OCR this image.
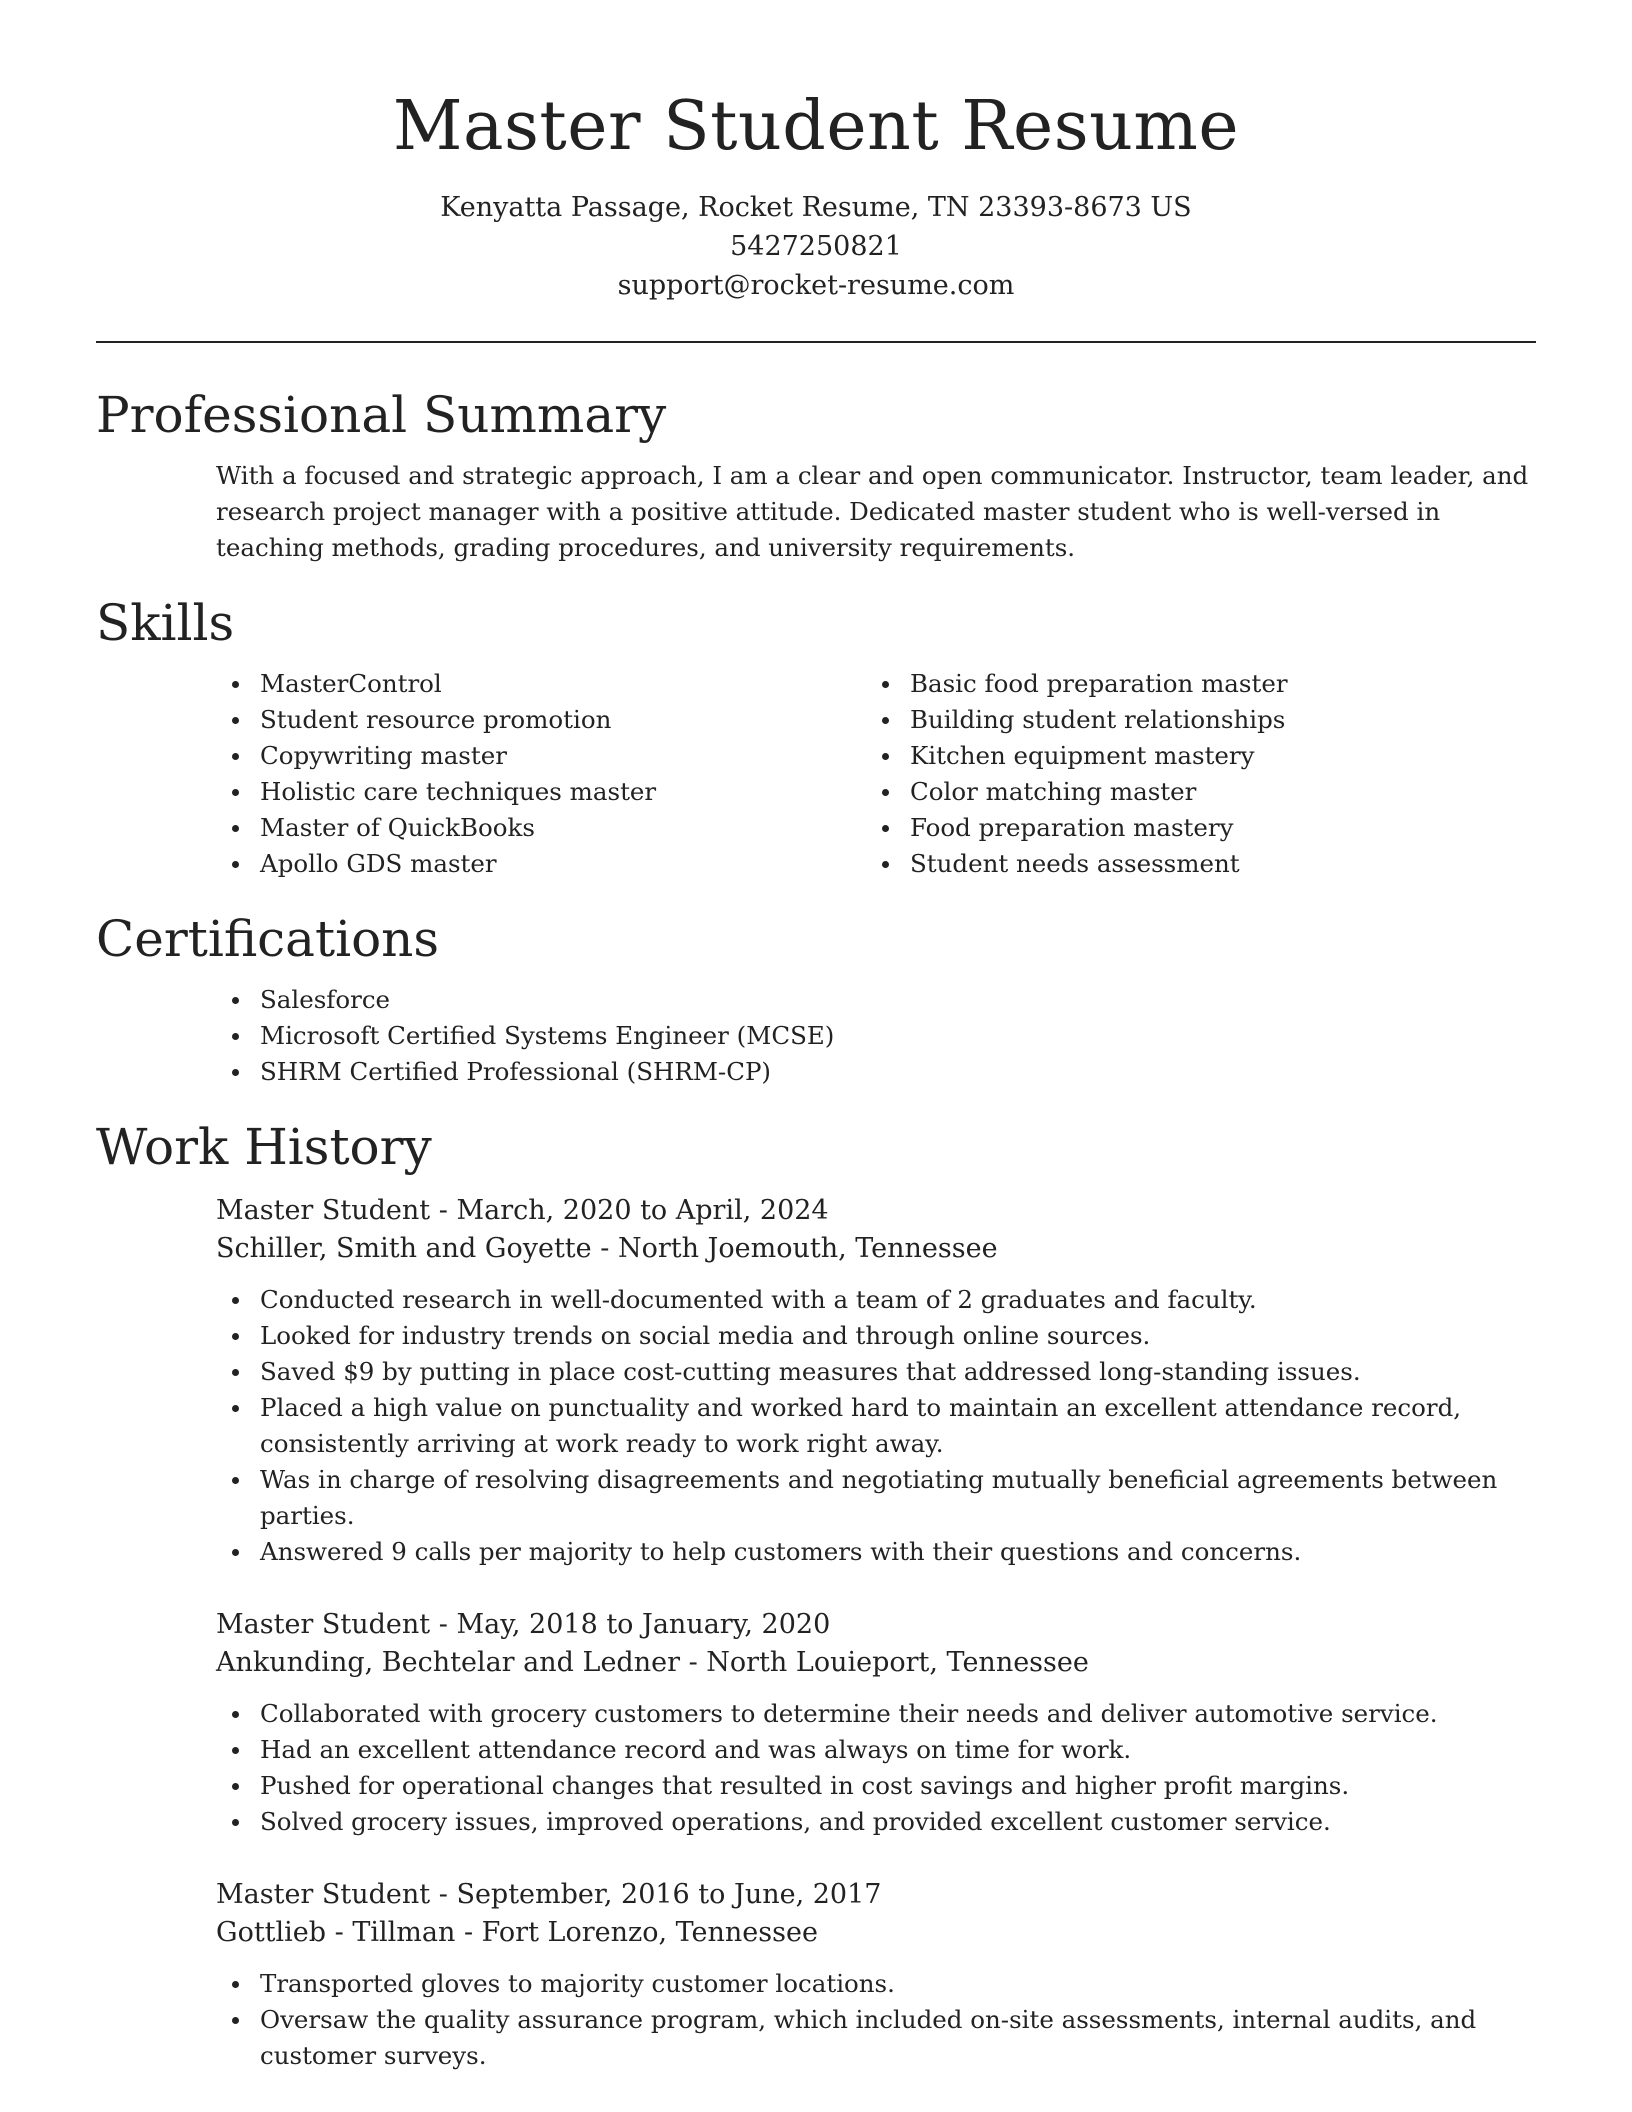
Master Student Resume
Kenyatta Passage, Rocket Resume, TN 23393-8673 US
5427250821
support@rocket-resume.com
Professional Summary

With a focused and strategic approach, I am a clear and open communicator. Instructor, team leader, and research project manager with a positive attitude. Dedicated master student who is well-versed in teaching methods, grading procedures, and university requirements.

Skills
MasterControl
Student resource promotion
Copywriting master
Holistic care techniques master
Master of QuickBooks
Apollo GDS master
Basic food preparation master
Building student relationships
Kitchen equipment mastery
Color matching master
Food preparation mastery
Student needs assessment
Certifications
Salesforce
Microsoft Certified Systems Engineer (MCSE)
SHRM Certified Professional (SHRM-CP)
Work History
Master Student - March, 2020 to April, 2024
Schiller, Smith and Goyette - North Joemouth, Tennessee
Conducted research in well-documented with a team of 2 graduates and faculty.
Looked for industry trends on social media and through online sources.
Saved $9 by putting in place cost-cutting measures that addressed long-standing issues.
Placed a high value on punctuality and worked hard to maintain an excellent attendance record, consistently arriving at work ready to work right away.
Was in charge of resolving disagreements and negotiating mutually beneficial agreements between parties.
Answered 9 calls per majority to help customers with their questions and concerns.
Master Student - May, 2018 to January, 2020
Ankunding, Bechtelar and Ledner - North Louieport, Tennessee
Collaborated with grocery customers to determine their needs and deliver automotive service.
Had an excellent attendance record and was always on time for work.
Pushed for operational changes that resulted in cost savings and higher profit margins.
Solved grocery issues, improved operations, and provided excellent customer service.
Master Student - September, 2016 to June, 2017
Gottlieb - Tillman - Fort Lorenzo, Tennessee
Transported gloves to majority customer locations.
Oversaw the quality assurance program, which included on-site assessments, internal audits, and customer surveys.
